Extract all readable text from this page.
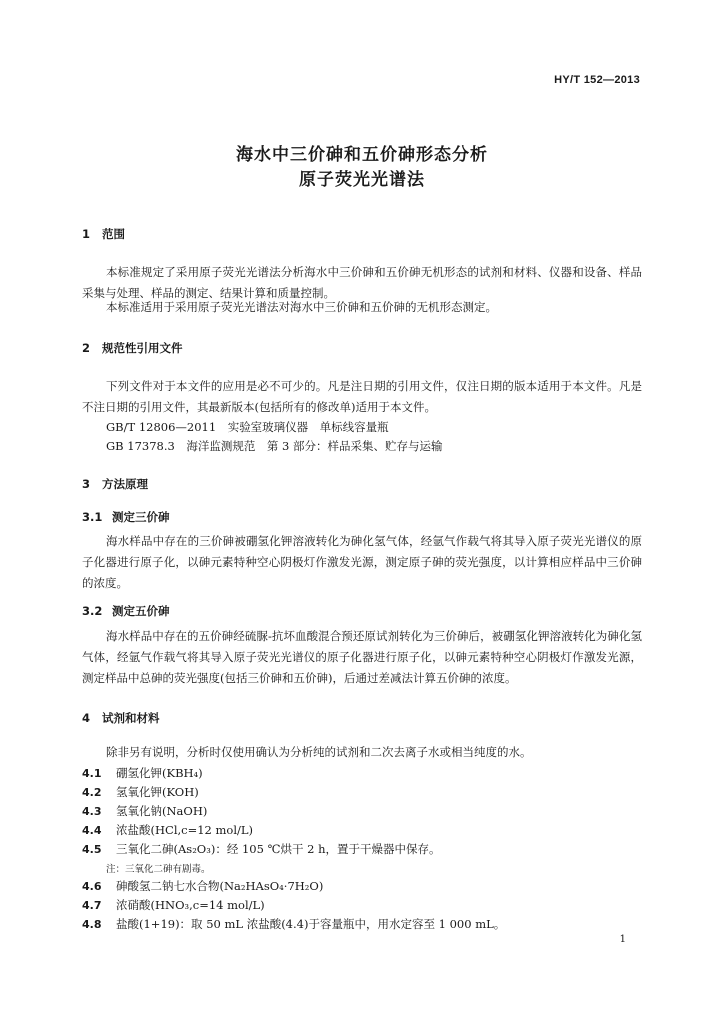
HY/T 152—2013
海水中三价砷和五价砷形态分析
原子荧光光谱法
1 范围
本标准规定了采用原子荧光光谱法分析海水中三价砷和五价砷无机形态的试剂和材料、仪器和设备、样品采集与处理、样品的测定、结果计算和质量控制。
本标准适用于采用原子荧光光谱法对海水中三价砷和五价砷的无机形态测定。
2 规范性引用文件
下列文件对于本文件的应用是必不可少的。凡是注日期的引用文件，仅注日期的版本适用于本文件。凡是不注日期的引用文件，其最新版本(包括所有的修改单)适用于本文件。
GB/T 12806—2011　实验室玻璃仪器　单标线容量瓶
GB 17378.3　海洋监测规范　第 3 部分：样品采集、贮存与运输
3 方法原理
3.1 测定三价砷
海水样品中存在的三价砷被硼氢化钾溶液转化为砷化氢气体，经氩气作载气将其导入原子荧光光谱仪的原子化器进行原子化，以砷元素特种空心阴极灯作激发光源，测定原子砷的荧光强度，以计算相应样品中三价砷的浓度。
3.2 测定五价砷
海水样品中存在的五价砷经硫脲-抗坏血酸混合预还原试剂转化为三价砷后，被硼氢化钾溶液转化为砷化氢气体，经氩气作载气将其导入原子荧光光谱仪的原子化器进行原子化，以砷元素特种空心阴极灯作激发光源，测定样品中总砷的荧光强度(包括三价砷和五价砷)，后通过差减法计算五价砷的浓度。
4 试剂和材料
除非另有说明，分析时仅使用确认为分析纯的试剂和二次去离子水或相当纯度的水。
4.1 硼氢化钾(KBH₄)
4.2 氢氧化钾(KOH)
4.3 氢氧化钠(NaOH)
4.4 浓盐酸(HCl,c=12 mol/L)
4.5 三氧化二砷(As₂O₃)：经 105 ℃烘干 2 h，置于干燥器中保存。
注：三氧化二砷有剧毒。
4.6 砷酸氢二钠七水合物(Na₂HAsO₄·7H₂O)
4.7 浓硝酸(HNO₃,c=14 mol/L)
4.8 盐酸(1+19)：取 50 mL 浓盐酸(4.4)于容量瓶中，用水定容至 1 000 mL。
1
